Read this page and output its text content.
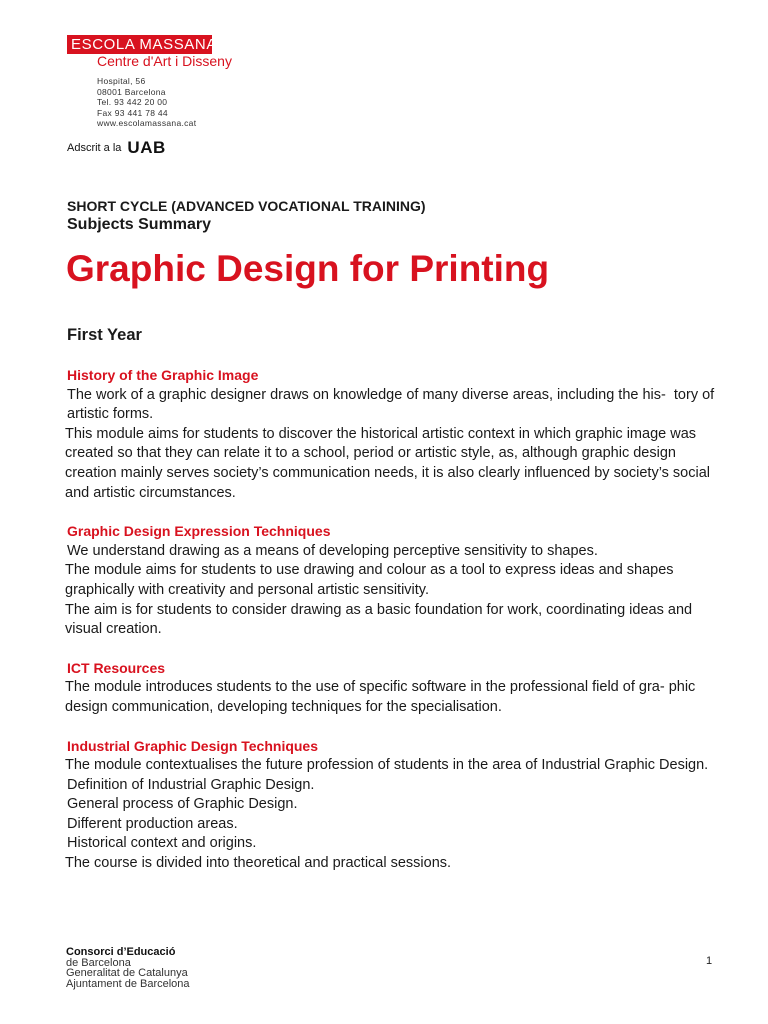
ESCOLA MASSANA
Centre d'Art i Disseny
Hospital, 56
08001 Barcelona
Tel. 93 442 20 00
Fax 93 441 78 44
www.escolamassana.cat
Adscrit a la UAB
SHORT CYCLE (ADVANCED VOCATIONAL TRAINING)
Subjects Summary
Graphic Design for Printing
First Year
History of the Graphic Image
The work of a graphic designer draws on knowledge of many diverse areas, including the his-  tory of artistic forms.
This module aims for students to discover the historical artistic context in which graphic image was created so that they can relate it to a school, period or artistic style, as, although graphic design creation mainly serves society’s communication needs, it is also clearly influenced by society’s social and artistic circumstances.
Graphic Design Expression Techniques
We understand drawing as a means of developing perceptive sensitivity to shapes.
The module aims for students to use drawing and colour as a tool to express ideas and shapes graphically with creativity and personal artistic sensitivity.
The aim is for students to consider drawing as a basic foundation for work, coordinating ideas and visual creation.
ICT Resources
The module introduces students to the use of specific software in the professional field of gra- phic design communication, developing techniques for the specialisation.
Industrial Graphic Design Techniques
The module contextualises the future profession of students in the area of Industrial Graphic Design.
Definition of Industrial Graphic Design.
General process of Graphic Design.
Different production areas.
Historical context and origins.
The course is divided into theoretical and practical sessions.
Consorci d’Educació
de Barcelona
Generalitat de Catalunya
Ajuntament de Barcelona
1
